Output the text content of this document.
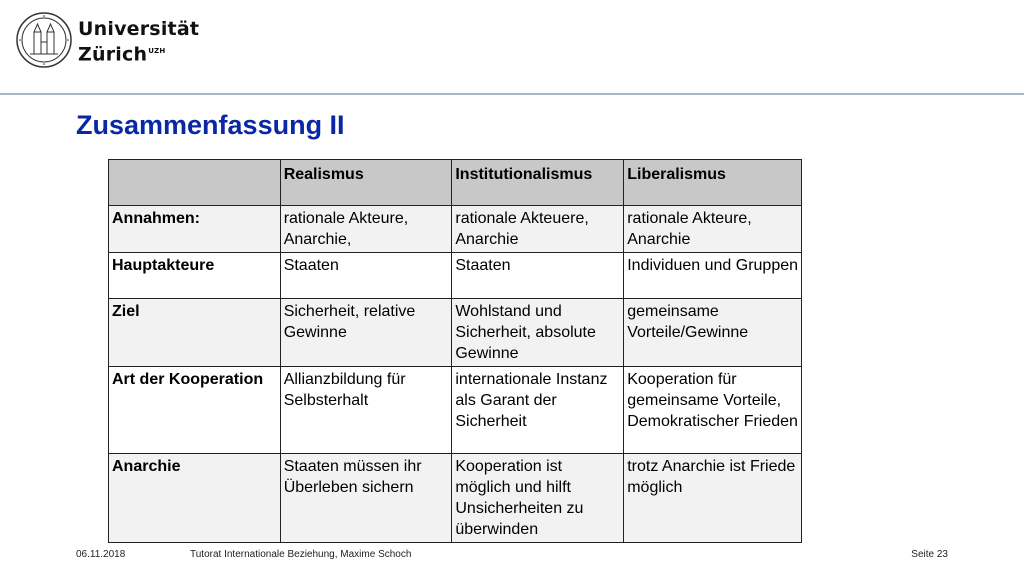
Universität
Zürich$^{UZH}$
Zusammenfassung II
	Realismus	Institutionalismus	Liberalismus
Annahmen:	rationale Akteure, Anarchie,	rationale Akteuere, Anarchie	rationale Akteure, Anarchie
Hauptakteure	Staaten	Staaten	Individuen und Gruppen
Ziel	Sicherheit, relative Gewinne	Wohlstand und Sicherheit, absolute Gewinne	gemeinsame Vorteile/Gewinne
Art der Kooperation	Allianzbildung für Selbsterhalt	internationale Instanz als Garant der Sicherheit	Kooperation für gemeinsame Vorteile, Demokratischer Frieden
Anarchie	Staaten müssen ihr Überleben sichern	Kooperation ist möglich und hilft Unsicherheiten zu überwinden	trotz Anarchie ist Friede möglich
06.11.2018	Tutorat Internationale Beziehung, Maxime Schoch	Seite 23
